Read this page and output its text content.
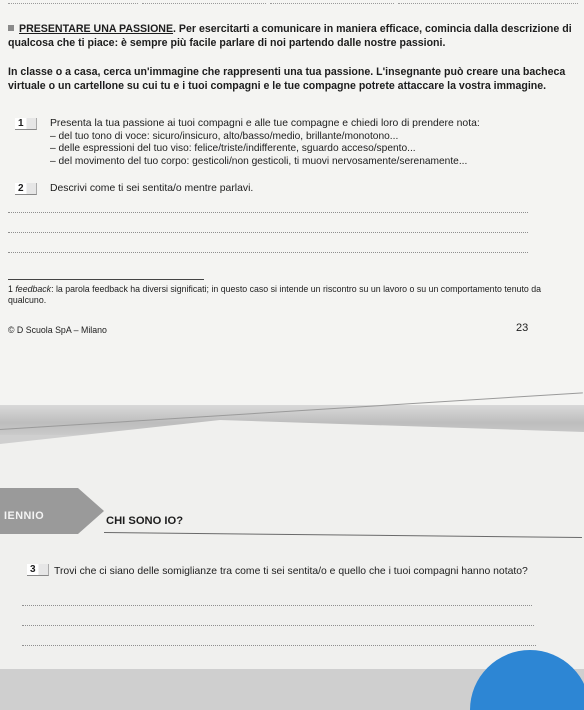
PRESENTARE UNA PASSIONE. Per esercitarti a comunicare in maniera efficace, comincia dalla descrizione di qualcosa che ti piace: è sempre più facile parlare di noi partendo dalle nostre passioni.
In classe o a casa, cerca un'immagine che rappresenti una tua passione. L'insegnante può creare una bacheca virtuale o un cartellone su cui tu e i tuoi compagni e le tue compagne potrete attaccare la vostra immagine.
1	Presenta la tua passione ai tuoi compagni e alle tue compagne e chiedi loro di prendere nota:
– del tuo tono di voce: sicuro/insicuro, alto/basso/medio, brillante/monotono...
– delle espressioni del tuo viso: felice/triste/indifferente, sguardo acceso/spento...
– del movimento del tuo corpo: gesticoli/non gesticoli, ti muovi nervosamente/serenamente...
2	Descrivi come ti sei sentita/o mentre parlavi.
1 feedback: la parola feedback ha diversi significati; in questo caso si intende un riscontro su un lavoro o su un comportamento tenuto da qualcuno.
© D Scuola SpA – Milano	23
IENNIO	CHI SONO IO?
3	Trovi che ci siano delle somiglianze tra come ti sei sentita/o e quello che i tuoi compagni hanno notato?
